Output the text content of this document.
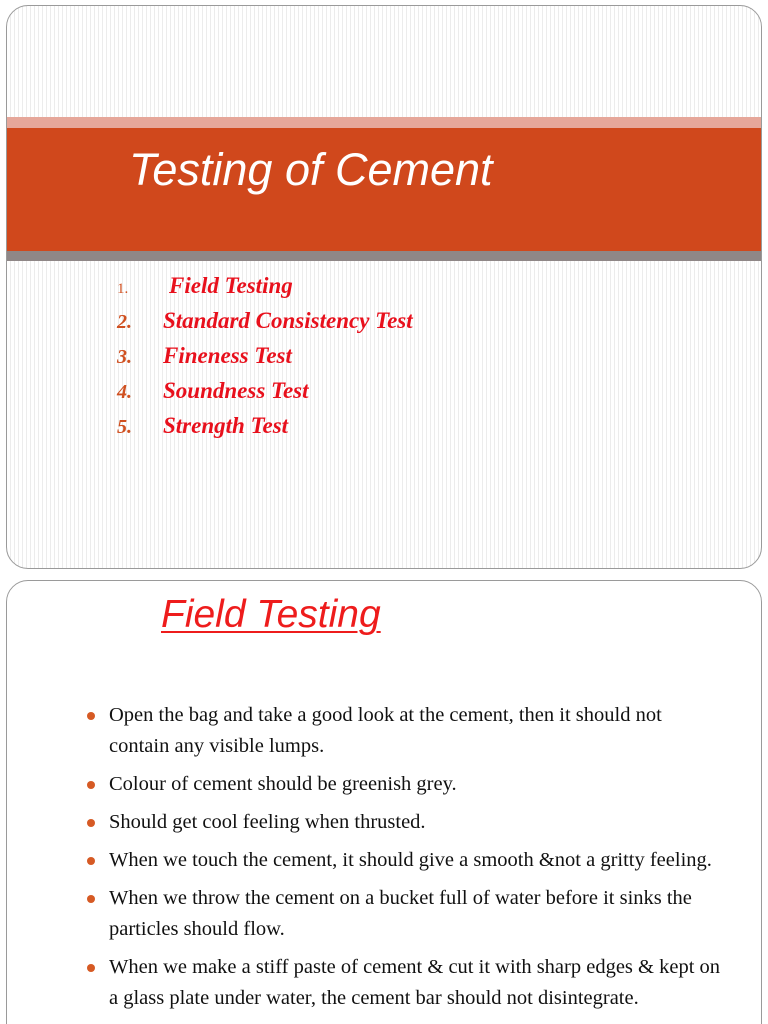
Testing of Cement
1. Field Testing
2. Standard Consistency Test
3. Fineness Test
4. Soundness Test
5. Strength Test
Field Testing
Open the bag and take a good look at the cement, then it should not contain any visible lumps.
Colour of cement should be greenish grey.
Should get cool feeling when thrusted.
When we touch the cement, it should give a smooth &not a gritty feeling.
When we throw the cement on a bucket full of water before it sinks the particles should flow.
When we make a stiff paste of cement & cut it with sharp edges & kept on a glass plate under water, the cement bar should not disintegrate.
